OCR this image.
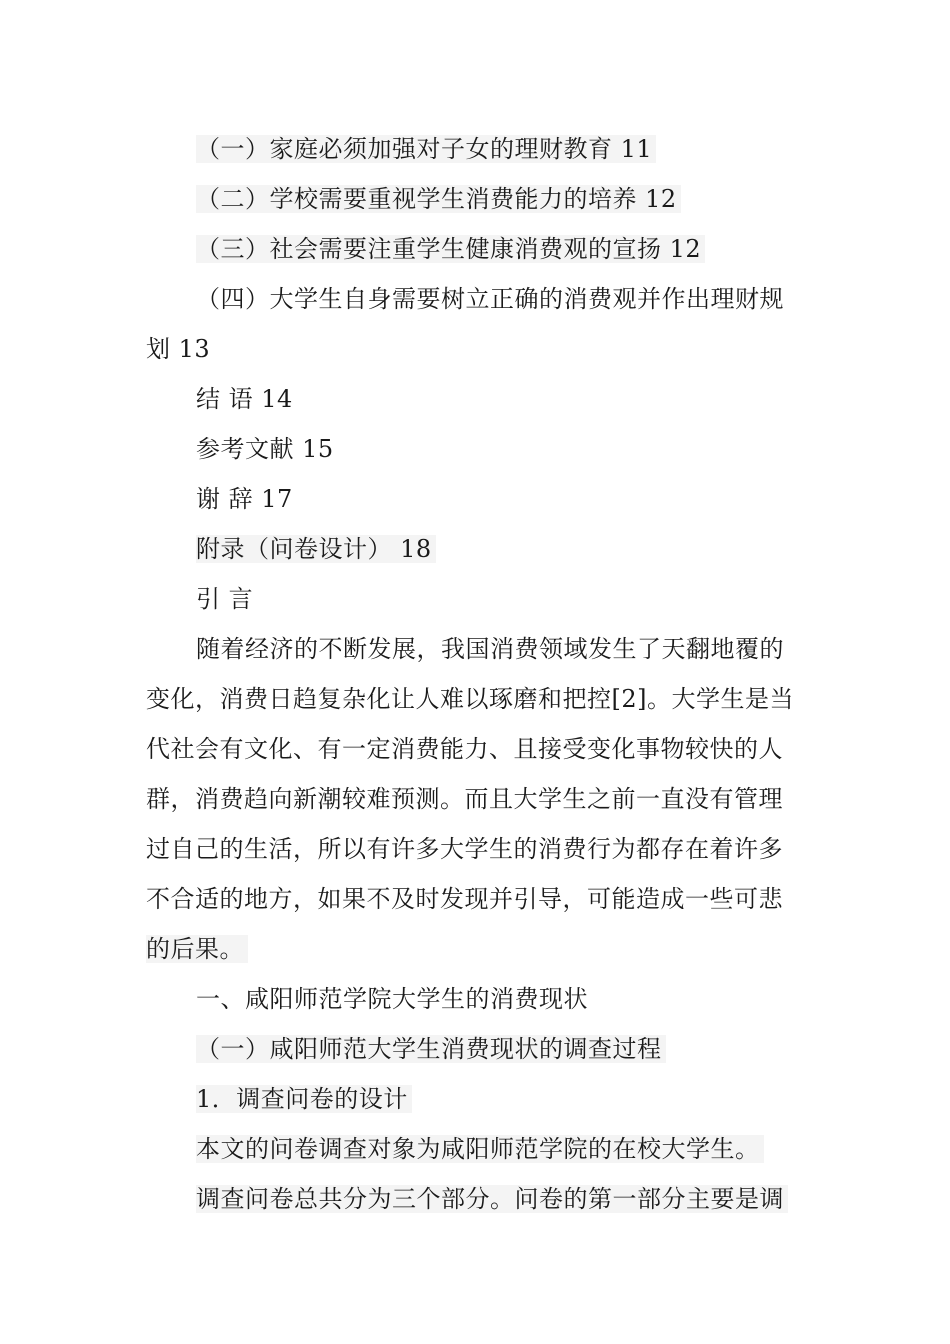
（一）家庭必须加强对子女的理财教育 11
（二）学校需要重视学生消费能力的培养 12
（三）社会需要注重学生健康消费观的宣扬 12
（四）大学生自身需要树立正确的消费观并作出理财规
划 13
结 语 14
参考文献 15
谢 辞 17
附录（问卷设计） 18
引 言
随着经济的不断发展，我国消费领域发生了天翻地覆的
变化，消费日趋复杂化让人难以琢磨和把控[2]。大学生是当
代社会有文化、有一定消费能力、且接受变化事物较快的人
群，消费趋向新潮较难预测。而且大学生之前一直没有管理
过自己的生活，所以有许多大学生的消费行为都存在着许多
不合适的地方，如果不及时发现并引导，可能造成一些可悲
的后果。
一、咸阳师范学院大学生的消费现状
（一）咸阳师范大学生消费现状的调查过程
1．调查问卷的设计
本文的问卷调查对象为咸阳师范学院的在校大学生。
调查问卷总共分为三个部分。问卷的第一部分主要是调
